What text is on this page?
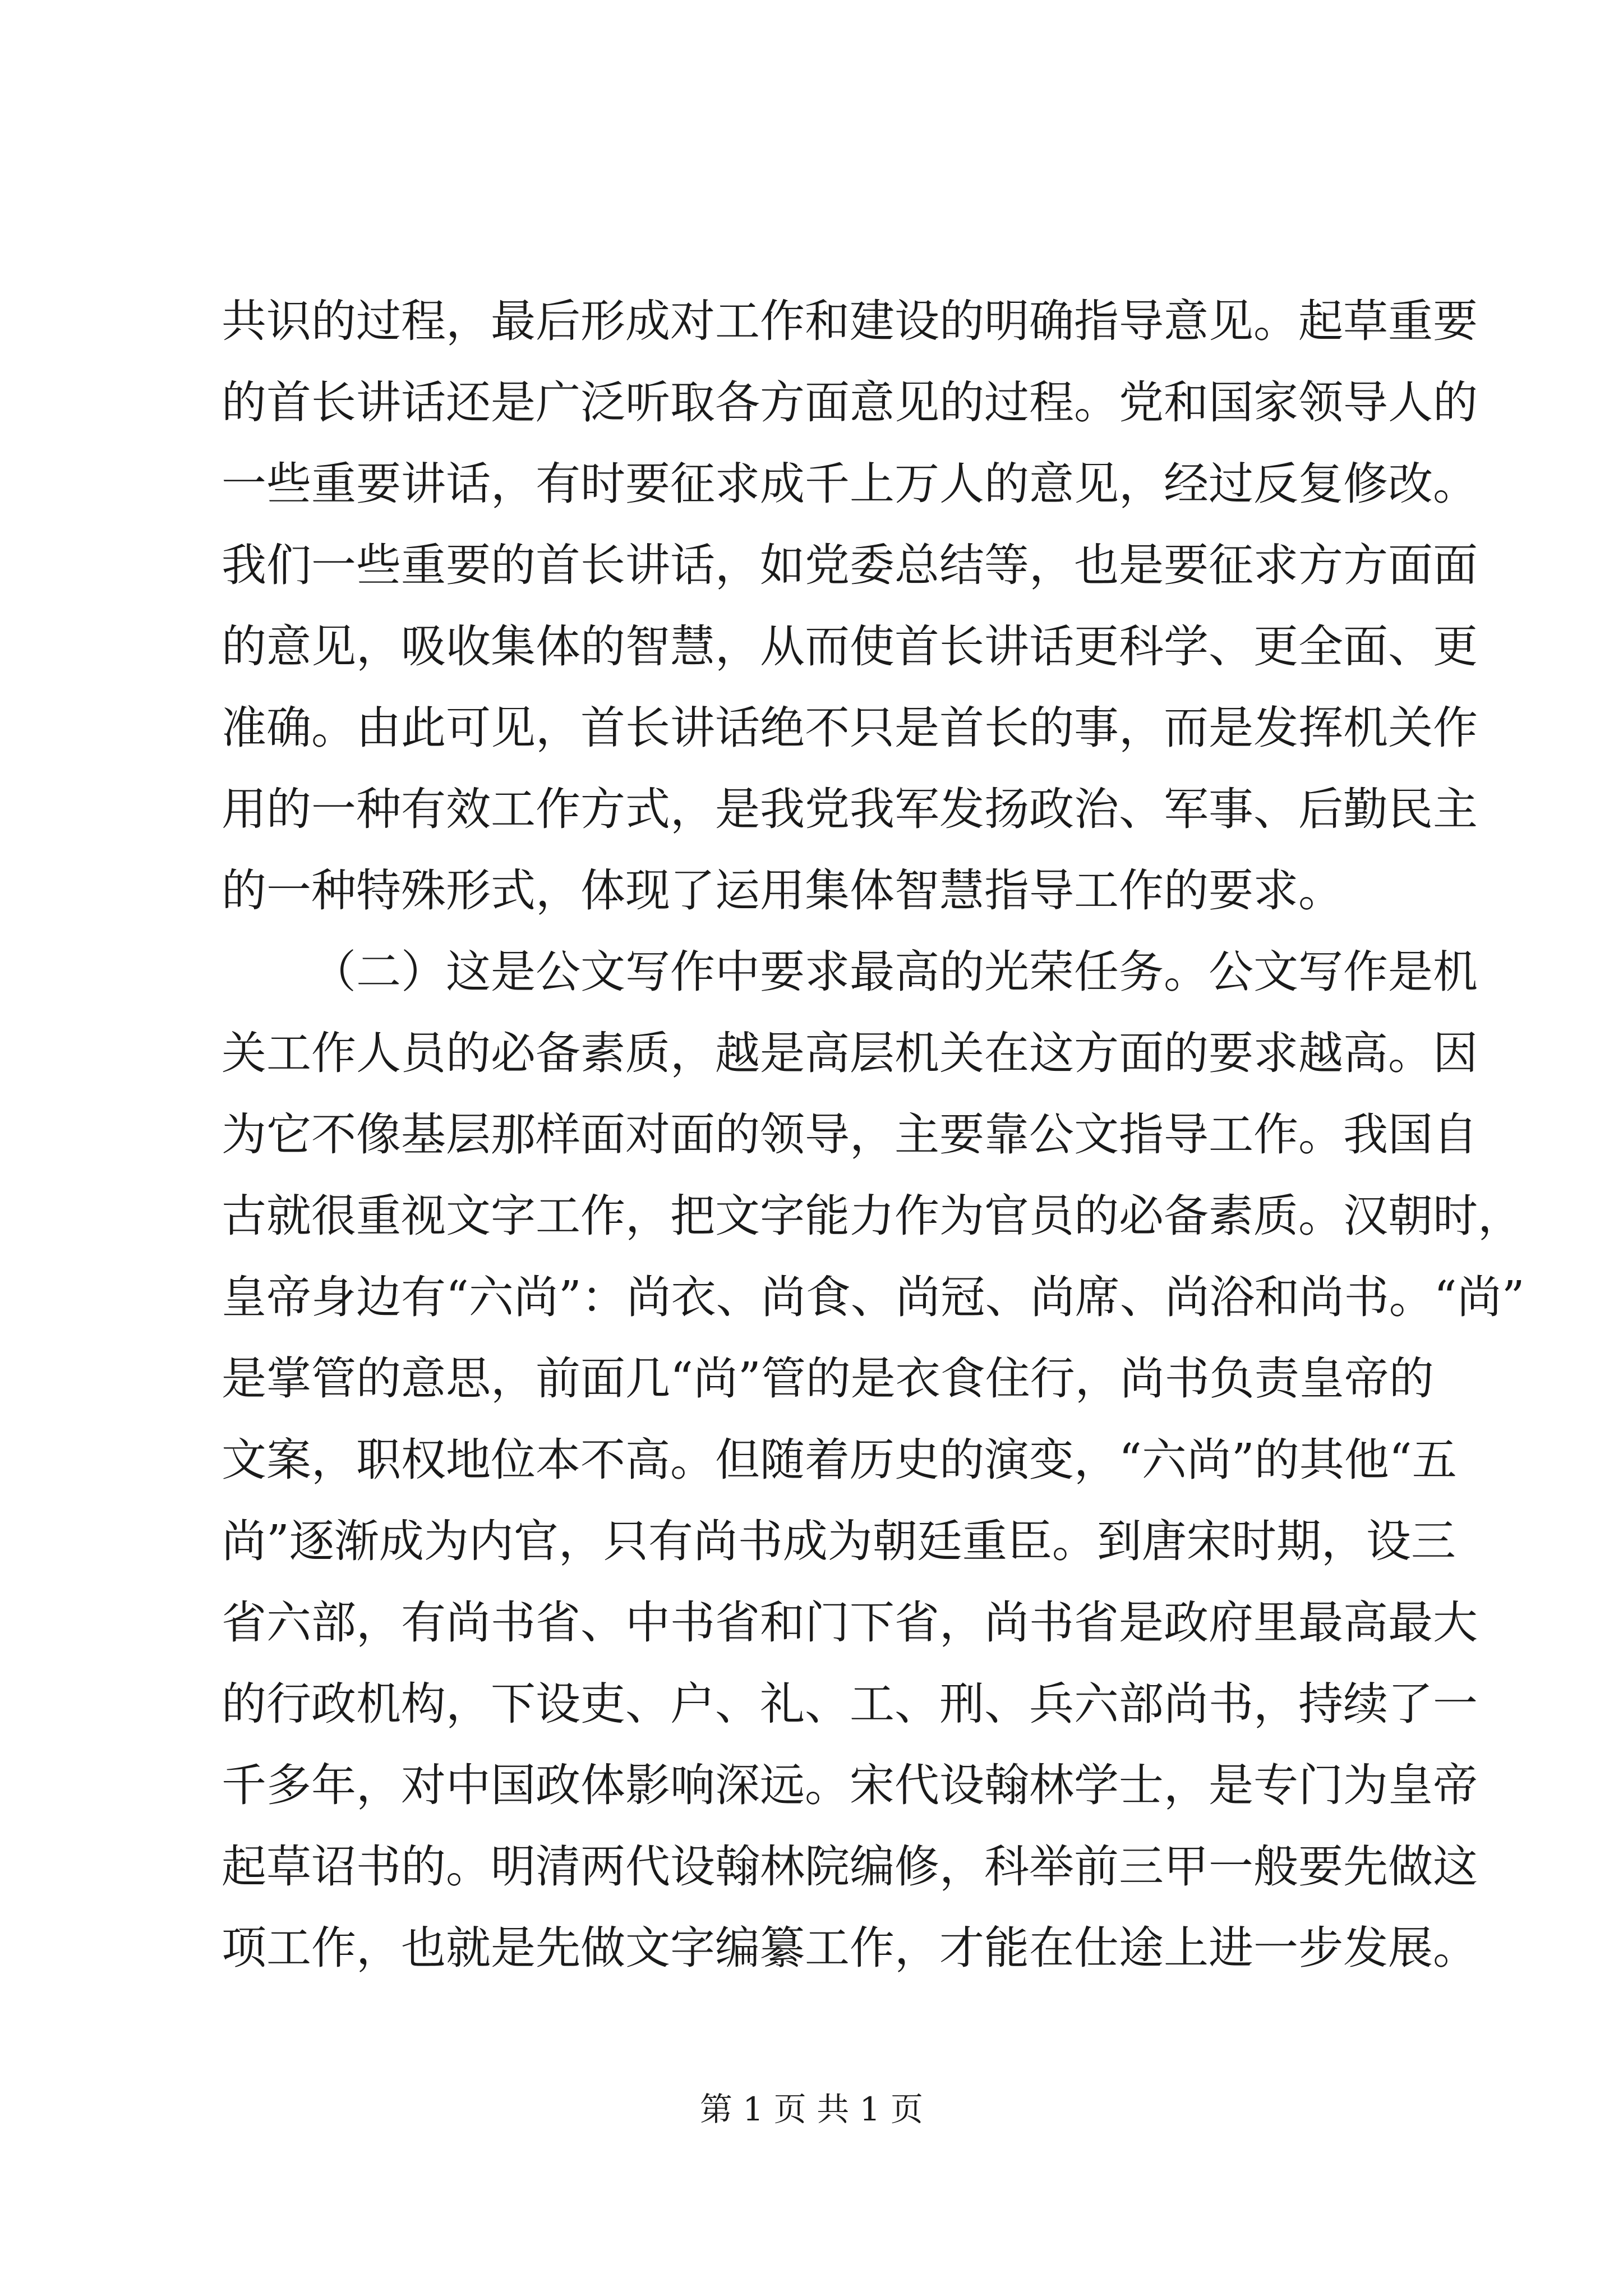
共识的过程，最后形成对工作和建设的明确指导意见。起草重要
的首长讲话还是广泛听取各方面意见的过程。党和国家领导人的
一些重要讲话，有时要征求成千上万人的意见，经过反复修改。
我们一些重要的首长讲话，如党委总结等，也是要征求方方面面
的意见，吸收集体的智慧，从而使首长讲话更科学、更全面、更
准确。由此可见，首长讲话绝不只是首长的事，而是发挥机关作
用的一种有效工作方式，是我党我军发扬政治、军事、后勤民主
的一种特殊形式，体现了运用集体智慧指导工作的要求。
（二）这是公文写作中要求最高的光荣任务。公文写作是机
关工作人员的必备素质，越是高层机关在这方面的要求越高。因
为它不像基层那样面对面的领导，主要靠公文指导工作。我国自
古就很重视文字工作，把文字能力作为官员的必备素质。汉朝时，
皇帝身边有“六尚”：尚衣、尚食、尚冠、尚席、尚浴和尚书。“尚”
是掌管的意思，前面几“尚”管的是衣食住行，尚书负责皇帝的
文案，职权地位本不高。但随着历史的演变，“六尚”的其他“五
尚”逐渐成为内官，只有尚书成为朝廷重臣。到唐宋时期，设三
省六部，有尚书省、中书省和门下省，尚书省是政府里最高最大
的行政机构，下设吏、户、礼、工、刑、兵六部尚书，持续了一
千多年，对中国政体影响深远。宋代设翰林学士，是专门为皇帝
起草诏书的。明清两代设翰林院编修，科举前三甲一般要先做这
项工作，也就是先做文字编纂工作，才能在仕途上进一步发展。
第 1 页 共 1 页
